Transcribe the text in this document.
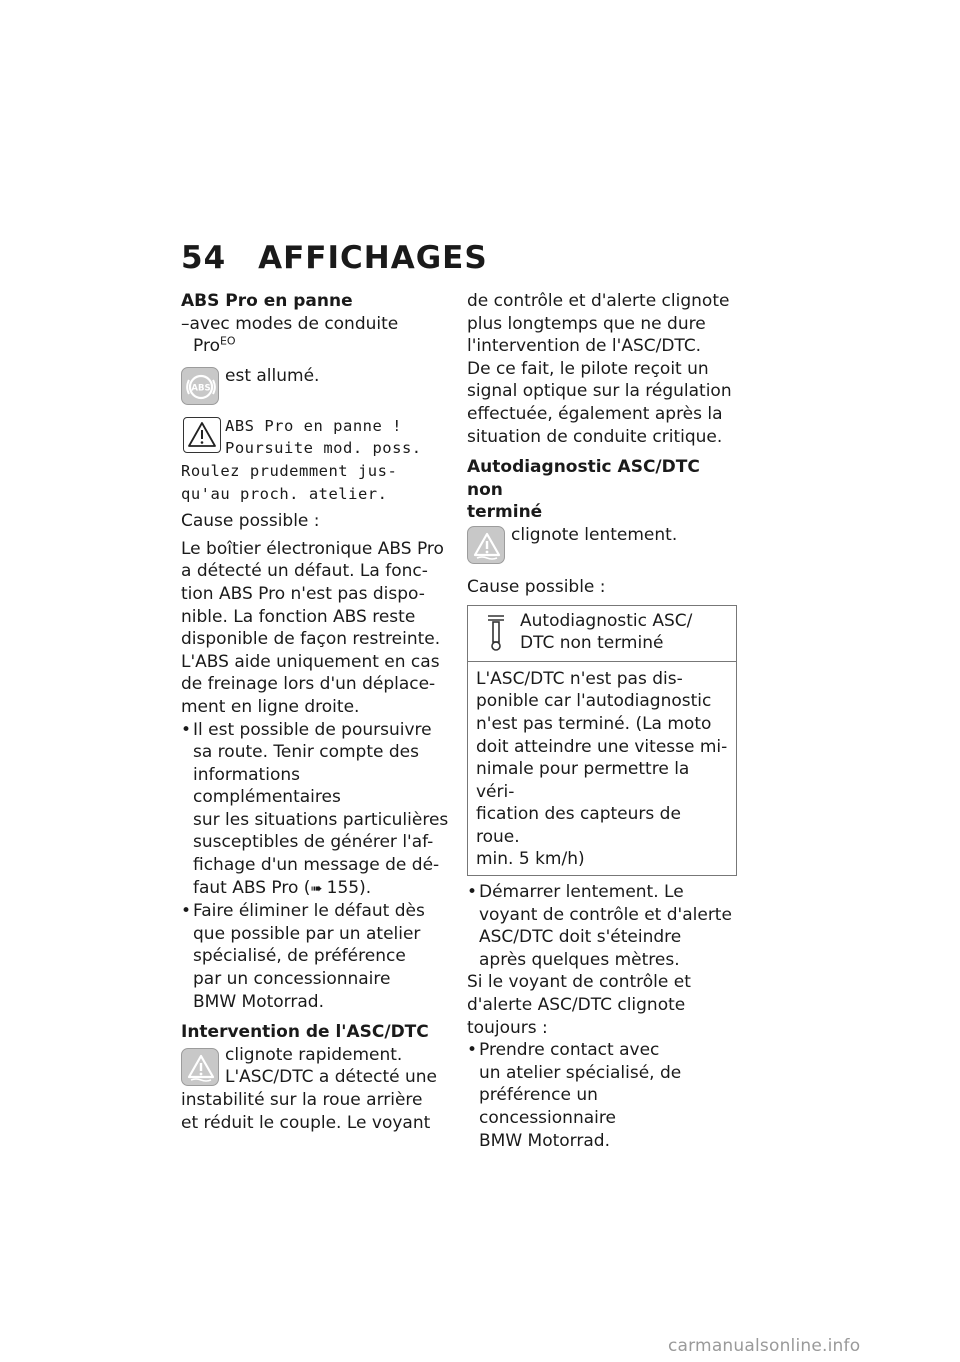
54 AFFICHAGES

ABS Pro en panne

–avec modes de conduite

Pro$^{EO}$

ABS

est allumé.

ABS Pro en panne !

Poursuite mod. poss.

Roulez prudemment jus-

qu'au proch. atelier.

Cause possible :

Le boîtier électronique ABS Pro

a détecté un défaut. La fonc-

tion ABS Pro n'est pas dispo-

nible. La fonction ABS reste

disponible de façon restreinte.

L'ABS aide uniquement en cas

de freinage lors d'un déplace-

ment en ligne droite.

• Il est possible de poursuivre

sa route. Tenir compte des

informations complémentaires

sur les situations particulières

susceptibles de générer l'af-

fichage d'un message de dé-

faut ABS Pro (➠ 155).

• Faire éliminer le défaut dès

que possible par un atelier

spécialisé, de préférence

par un concessionnaire

BMW Motorrad.

Intervention de l'ASC/DTC

clignote rapidement.

L'ASC/DTC a détecté une

instabilité sur la roue arrière

et réduit le couple. Le voyant

de contrôle et d'alerte clignote

plus longtemps que ne dure

l'intervention de l'ASC/DTC.

De ce fait, le pilote reçoit un

signal optique sur la régulation

effectuée, également après la

situation de conduite critique.

Autodiagnostic ASC/DTC non

terminé

clignote lentement.

Cause possible :

Autodiagnostic ASC/

DTC non terminé

L'ASC/DTC n'est pas dis-

ponible car l'autodiagnostic

n'est pas terminé. (La moto

doit atteindre une vitesse mi-

nimale pour permettre la véri-

fication des capteurs de roue.

min. 5 km/h)

• Démarrer lentement. Le

voyant de contrôle et d'alerte

ASC/DTC doit s'éteindre

après quelques mètres.

Si le voyant de contrôle et

d'alerte ASC/DTC clignote

toujours :

• Prendre contact avec

un atelier spécialisé, de

préférence un concessionnaire

BMW Motorrad.

carmanualsonline.info
